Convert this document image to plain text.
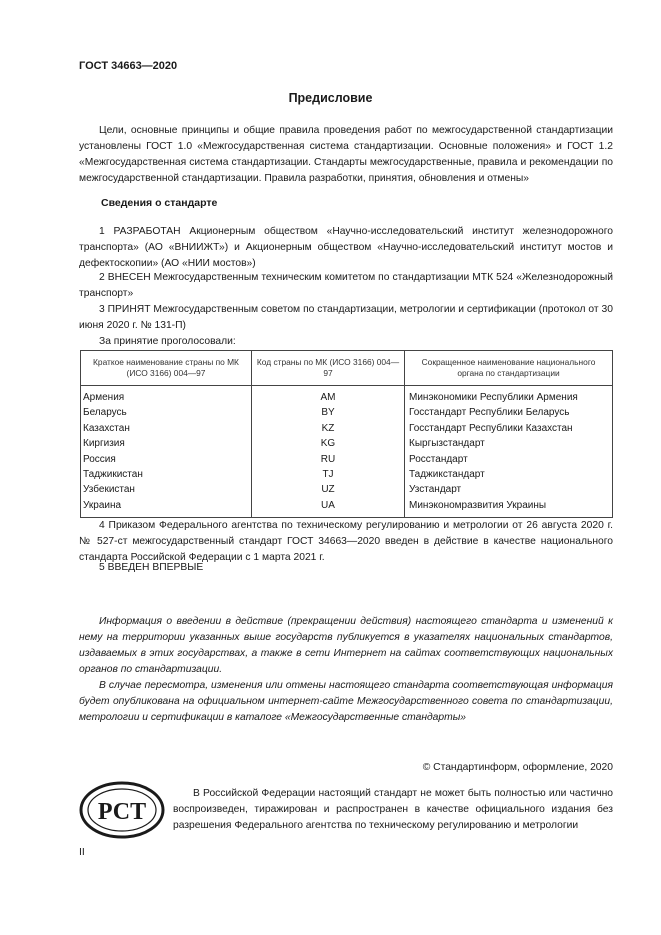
ГОСТ 34663—2020
Предисловие

Цели, основные принципы и общие правила проведения работ по межгосударственной стандартизации установлены ГОСТ 1.0 «Межгосударственная система стандартизации. Основные положения» и ГОСТ 1.2 «Межгосударственная система стандартизации. Стандарты межгосударственные, правила и рекомендации по межгосударственной стандартизации. Правила разработки, принятия, обновления и отмены»

Сведения о стандарте

1 РАЗРАБОТАН Акционерным обществом «Научно-исследовательский институт железнодорожного транспорта» (АО «ВНИИЖТ») и Акционерным обществом «Научно-исследовательский институт мостов и дефектоскопии» (АО «НИИ мостов»)

2 ВНЕСЕН Межгосударственным техническим комитетом по стандартизации МТК 524 «Железнодорожный транспорт»

3 ПРИНЯТ Межгосударственным советом по стандартизации, метрологии и сертификации (протокол от 30 июня 2020 г. № 131-П)

За принятие проголосовали:

Краткое наименование страны по МК (ИСО 3166) 004—97	Код страны по МК (ИСО 3166) 004—97	Сокращенное наименование национального органа по стандартизации
Армения	AM	Минэкономики Республики Армения
Беларусь	BY	Госстандарт Республики Беларусь
Казахстан	KZ	Госстандарт Республики Казахстан
Киргизия	KG	Кыргызстандарт
Россия	RU	Росстандарт
Таджикистан	TJ	Таджикстандарт
Узбекистан	UZ	Узстандарт
Украина	UA	Минэкономразвития Украины

4 Приказом Федерального агентства по техническому регулированию и метрологии от 26 августа 2020 г. № 527-ст межгосударственный стандарт ГОСТ 34663—2020 введен в действие в качестве национального стандарта Российской Федерации с 1 марта 2021 г.

5 ВВЕДЕН ВПЕРВЫЕ

Информация о введении в действие (прекращении действия) настоящего стандарта и изменений к нему на территории указанных выше государств публикуется в указателях национальных стандартов, издаваемых в этих государствах, а также в сети Интернет на сайтах соответствующих национальных органов по стандартизации.

В случае пересмотра, изменения или отмены настоящего стандарта соответствующая информация будет опубликована на официальном интернет-сайте Межгосударственного совета по стандартизации, метрологии и сертификации в каталоге «Межгосударственные стандарты»

© Стандартинформ, оформление, 2020
РСТ

В Российской Федерации настоящий стандарт не может быть полностью или частично воспроизведен, тиражирован и распространен в качестве официального издания без разрешения Федерального агентства по техническому регулированию и метрологии

II
